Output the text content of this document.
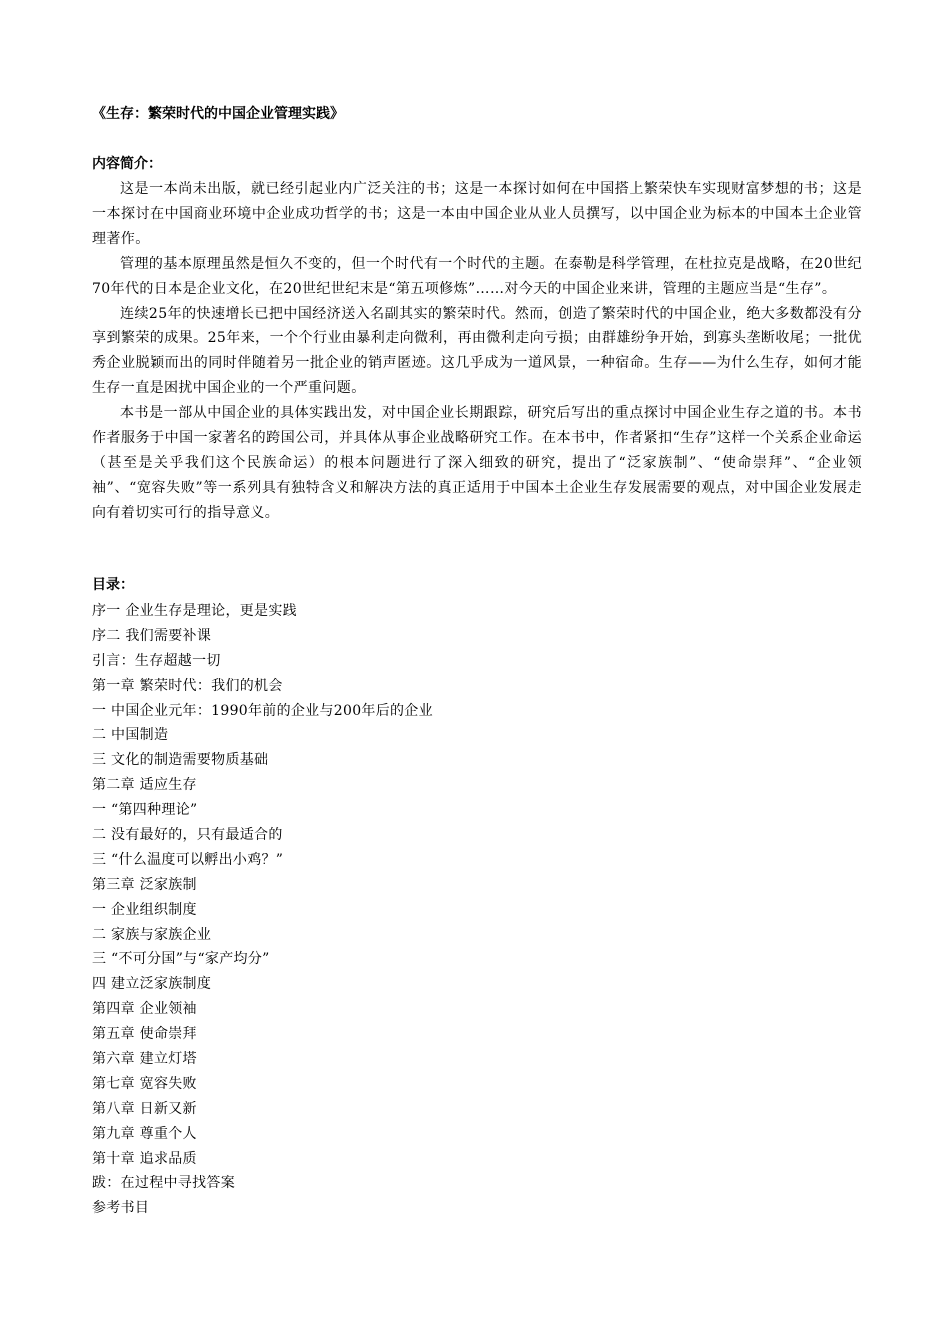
《生存：繁荣时代的中国企业管理实践》
内容简介：

这是一本尚未出版，就已经引起业内广泛关注的书；这是一本探讨如何在中国搭上繁荣快车实现财富梦想的书；这是一本探讨在中国商业环境中企业成功哲学的书；这是一本由中国企业从业人员撰写，以中国企业为标本的中国本土企业管理著作。

管理的基本原理虽然是恒久不变的，但一个时代有一个时代的主题。在泰勒是科学管理，在杜拉克是战略，在20世纪70年代的日本是企业文化，在20世纪世纪末是“第五项修炼”……对今天的中国企业来讲，管理的主题应当是“生存”。

连续25年的快速增长已把中国经济送入名副其实的繁荣时代。然而，创造了繁荣时代的中国企业，绝大多数都没有分享到繁荣的成果。25年来，一个个行业由暴利走向微利，再由微利走向亏损；由群雄纷争开始，到寡头垄断收尾；一批优秀企业脱颖而出的同时伴随着另一批企业的销声匿迹。这几乎成为一道风景，一种宿命。生存——为什么生存，如何才能生存一直是困扰中国企业的一个严重问题。

本书是一部从中国企业的具体实践出发，对中国企业长期跟踪，研究后写出的重点探讨中国企业生存之道的书。本书作者服务于中国一家著名的跨国公司，并具体从事企业战略研究工作。在本书中，作者紧扣“生存”这样一个关系企业命运（甚至是关乎我们这个民族命运）的根本问题进行了深入细致的研究，提出了“泛家族制”、“使命崇拜”、“企业领袖”、“宽容失败”等一系列具有独特含义和解决方法的真正适用于中国本土企业生存发展需要的观点，对中国企业发展走向有着切实可行的指导意义。

目录：
序一 企业生存是理论，更是实践
序二 我们需要补课
引言：生存超越一切
第一章 繁荣时代：我们的机会
一 中国企业元年：1990年前的企业与200年后的企业
二 中国制造
三 文化的制造需要物质基础
第二章 适应生存
一 “第四种理论”
二 没有最好的，只有最适合的
三 “什么温度可以孵出小鸡？”
第三章 泛家族制
一 企业组织制度
二 家族与家族企业
三 “不可分国”与“家产均分”
四 建立泛家族制度
第四章 企业领袖
第五章 使命崇拜
第六章 建立灯塔
第七章 宽容失败
第八章 日新又新
第九章 尊重个人
第十章 追求品质
跋：在过程中寻找答案
参考书目
